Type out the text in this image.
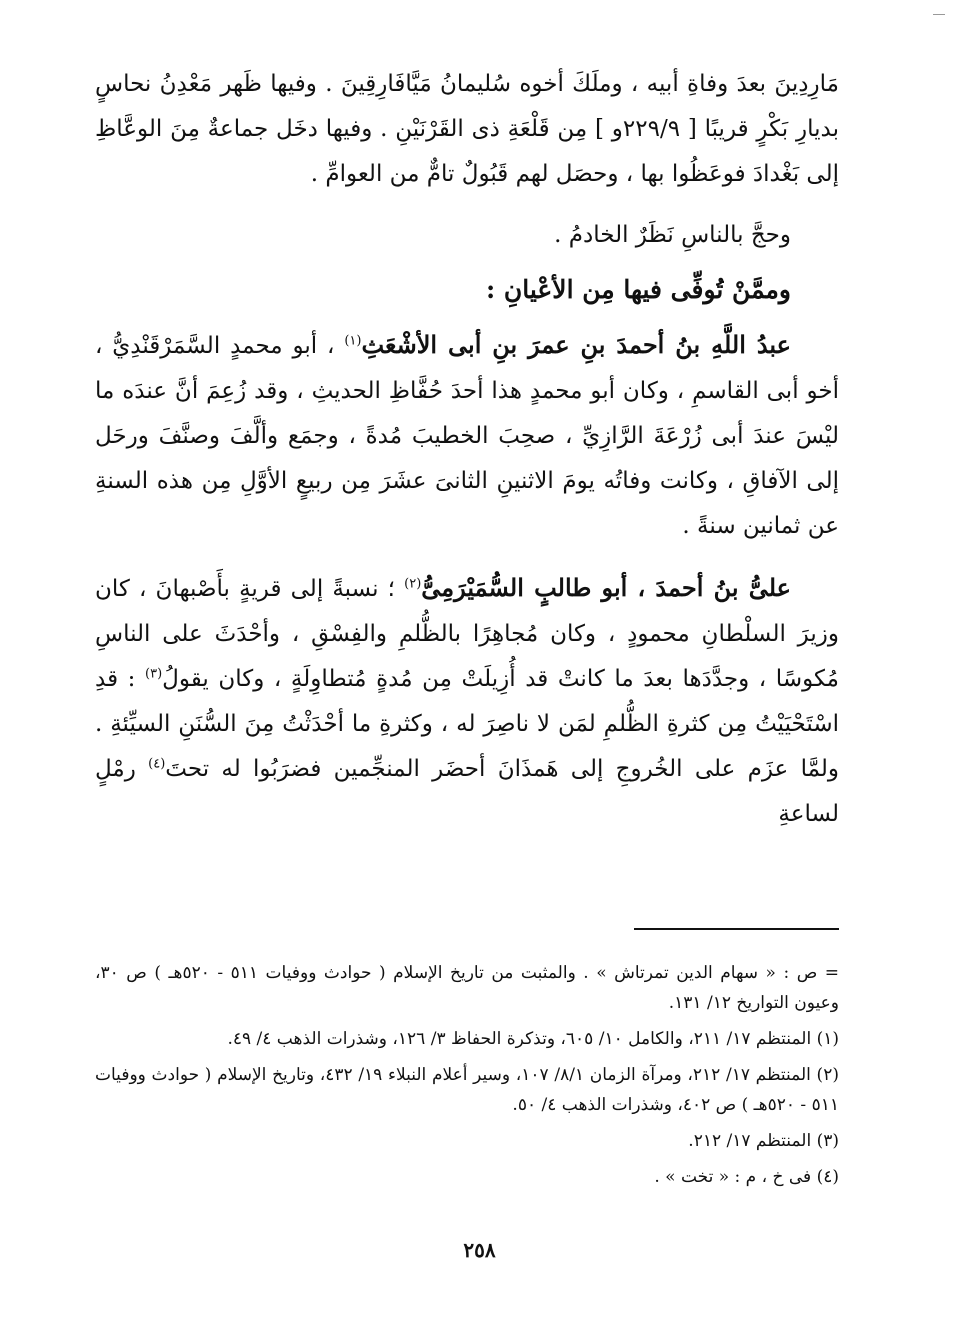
مَارِدِينَ بعدَ وفاةِ أبيه ، وملَكَ أخوه سُليمانُ مَيَّافَارِقِينَ . وفيها ظَهر مَعْدِنُ نحاسٍ بديارِ بَكْرٍ قريبًا [ ٢٢٩/٩و ] مِن قَلْعَةِ ذى القَرْنَيْنِ . وفيها دخَل جماعةٌ مِنَ الوعَّاظِ إلى بَغْدادَ فوعَظُوا بها ، وحصَل لهم قَبُولٌ تامٌّ من العوامِّ .

وحجَّ بالناسِ نَظَرٌ الخادمُ .

وممَّنْ تُوفِّى فيها مِن الأعْيانِ :

عبدُ اللَّهِ بنُ أحمدَ بنِ عمرَ بنِ أبى الأشْعَثِ$^{(١)}$ ، أبو محمدٍ السَّمَرْقَنْدِيُّ ، أخو أبى القاسمِ ، وكان أبو محمدٍ هذا أحدَ حُفَّاظِ الحديثِ ، وقد زُعِمَ أنَّ عندَه ما ليْسَ عندَ أبى زُرْعَةَ الرَّازِيِّ ، صحِبَ الخطيبَ مُدةً ، وجمَع وألَّفَ وصنَّفَ ورحَل إلى الآفاقِ ، وكانت وفاتُه يومَ الاثنينِ الثانىَ عشَرَ مِن ربيعٍ الأوَّلِ مِن هذه السنةِ عن ثمانين سنةً .

علىُّ بنُ أحمدَ ، أبو طالبٍ السُّمَيْرَمِىُّ$^{(٢)}$ ؛ نسبةً إلى قريةٍ بأَصْبهانَ ، كان وزيرَ السلْطانِ محمودٍ ، وكان مُجاهِرًا بالظُّلمِ والفِسْقِ ، وأحْدَثَ على الناسِ مُكوسًا ، وجدَّدَها بعدَ ما كانتْ قد أُزِيلَتْ مِن مُدةٍ مُتطاوِلَةٍ ، وكان يقولُ$^{(٣)}$ : قدِ اسْتَحْيَيْتُ مِن كثرةِ الظُّلمِ لمَن لا ناصِرَ له ، وكثرةِ ما أحْدَثْتُ مِنَ السُّنَنِ السيِّئةِ . ولمَّا عزَم على الخُروجِ إلى هَمذَانَ أحضَر المنجِّمين فضرَبُوا له تحتَ$^{(٤)}$ رمْلٍ لساعةِ

= ص : « سهام الدين تمرتاش » . والمثبت من تاريخ الإسلام ( حوادث ووفيات ٥١١ - ٥٢٠هـ ) ص ٣٠، وعيون التواريخ ١٢/ ١٣١.

(١) المنتظم ١٧/ ٢١١، والكامل ١٠/ ٦٠٥، وتذكرة الحفاظ ٣/ ١٢٦، وشذرات الذهب ٤/ ٤٩.

(٢) المنتظم ١٧/ ٢١٢، ومرآة الزمان ٨/١/ ١٠٧، وسير أعلام النبلاء ١٩/ ٤٣٢، وتاريخ الإسلام ( حوادث ووفيات ٥١١ - ٥٢٠هـ ) ص ٤٠٢، وشذرات الذهب ٤/ ٥٠.

(٣) المنتظم ١٧/ ٢١٢.

(٤) فى خ ، م : « تخت » .

٢٥٨
